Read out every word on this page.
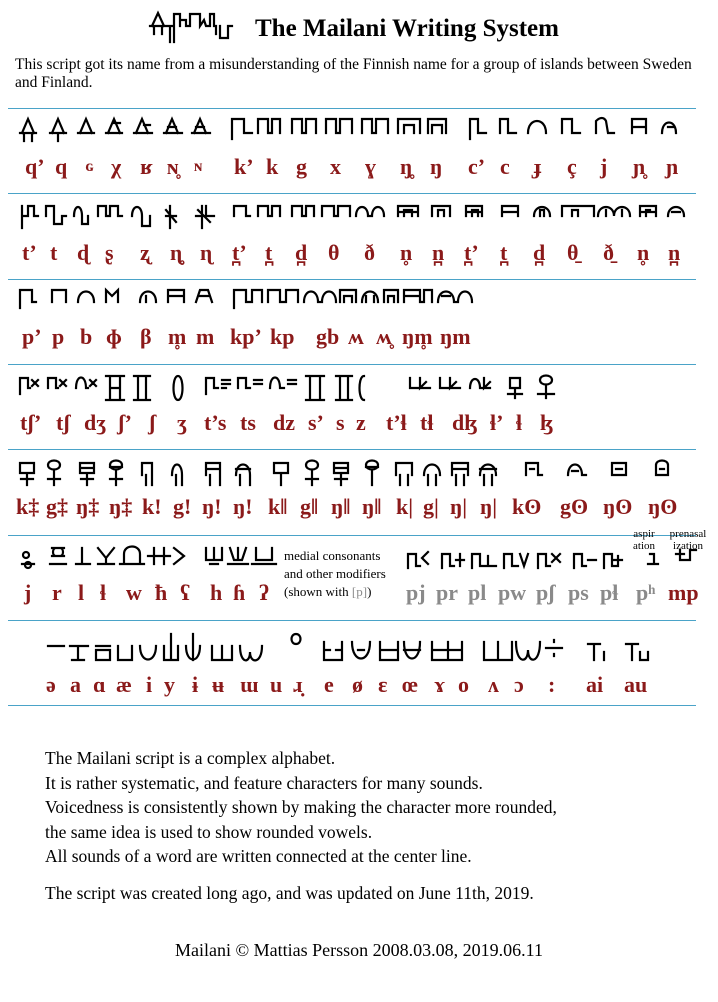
The Mailani Writing System
This script got its name from a misunderstanding of the Finnish name for a group of islands between Sweden and Finland.
q’ q ɢ χ ʁ ɴ̥ ɴ k’ k g x ɣ ŋ̥ ŋ c’ c ɟ ç j ɲ̥ ɲ
t’ t ɖ ʂ ʐ ɳ̥ ɳ t̪’ t̪ d̪ θ ð n̥ n̪ t̪’ t̪ d̪ θ̠ ð̠ n̥ n̪
p’ p b ɸ β m̥ m kp’ kp gb ʍ ʍ̥ ŋm̥ ŋm
tʃ’ tʃ dʒ ʃ’ ʃ ʒ t’s ts dz s’ s z t’ɬ tɬ dɮ ɬ’ ɬ ɮ
k‡ g‡ ŋ‡ ŋ‡ k! g! ŋ! ŋ! k‖ g‖ ŋ‖ ŋ‖ k| g| ŋ| ŋ| kʘ gʘ ŋʘ ŋʘ
medial consonants
and other modifiers
(shown with [p])
aspir
ation
prenasal
ization
j r l ɬ w ħ ʕ h ɦ ʔ	pj pr pl pw pʃ ps pɬ pʰ mp
ə a ɑ æ i y ɨ ʉ ɯ u ɹ̣ e ø ɛ œ ɤ o ʌ ɔ : ai au

The Mailani script is a complex alphabet.

It is rather systematic, and feature characters for many sounds.

Voicedness is consistently shown by making the character more rounded,

the same idea is used to show rounded vowels.

All sounds of a word are written connected at the center line.

The script was created long ago, and was updated on June 11th, 2019.

Mailani © Mattias Persson 2008.03.08, 2019.06.11
